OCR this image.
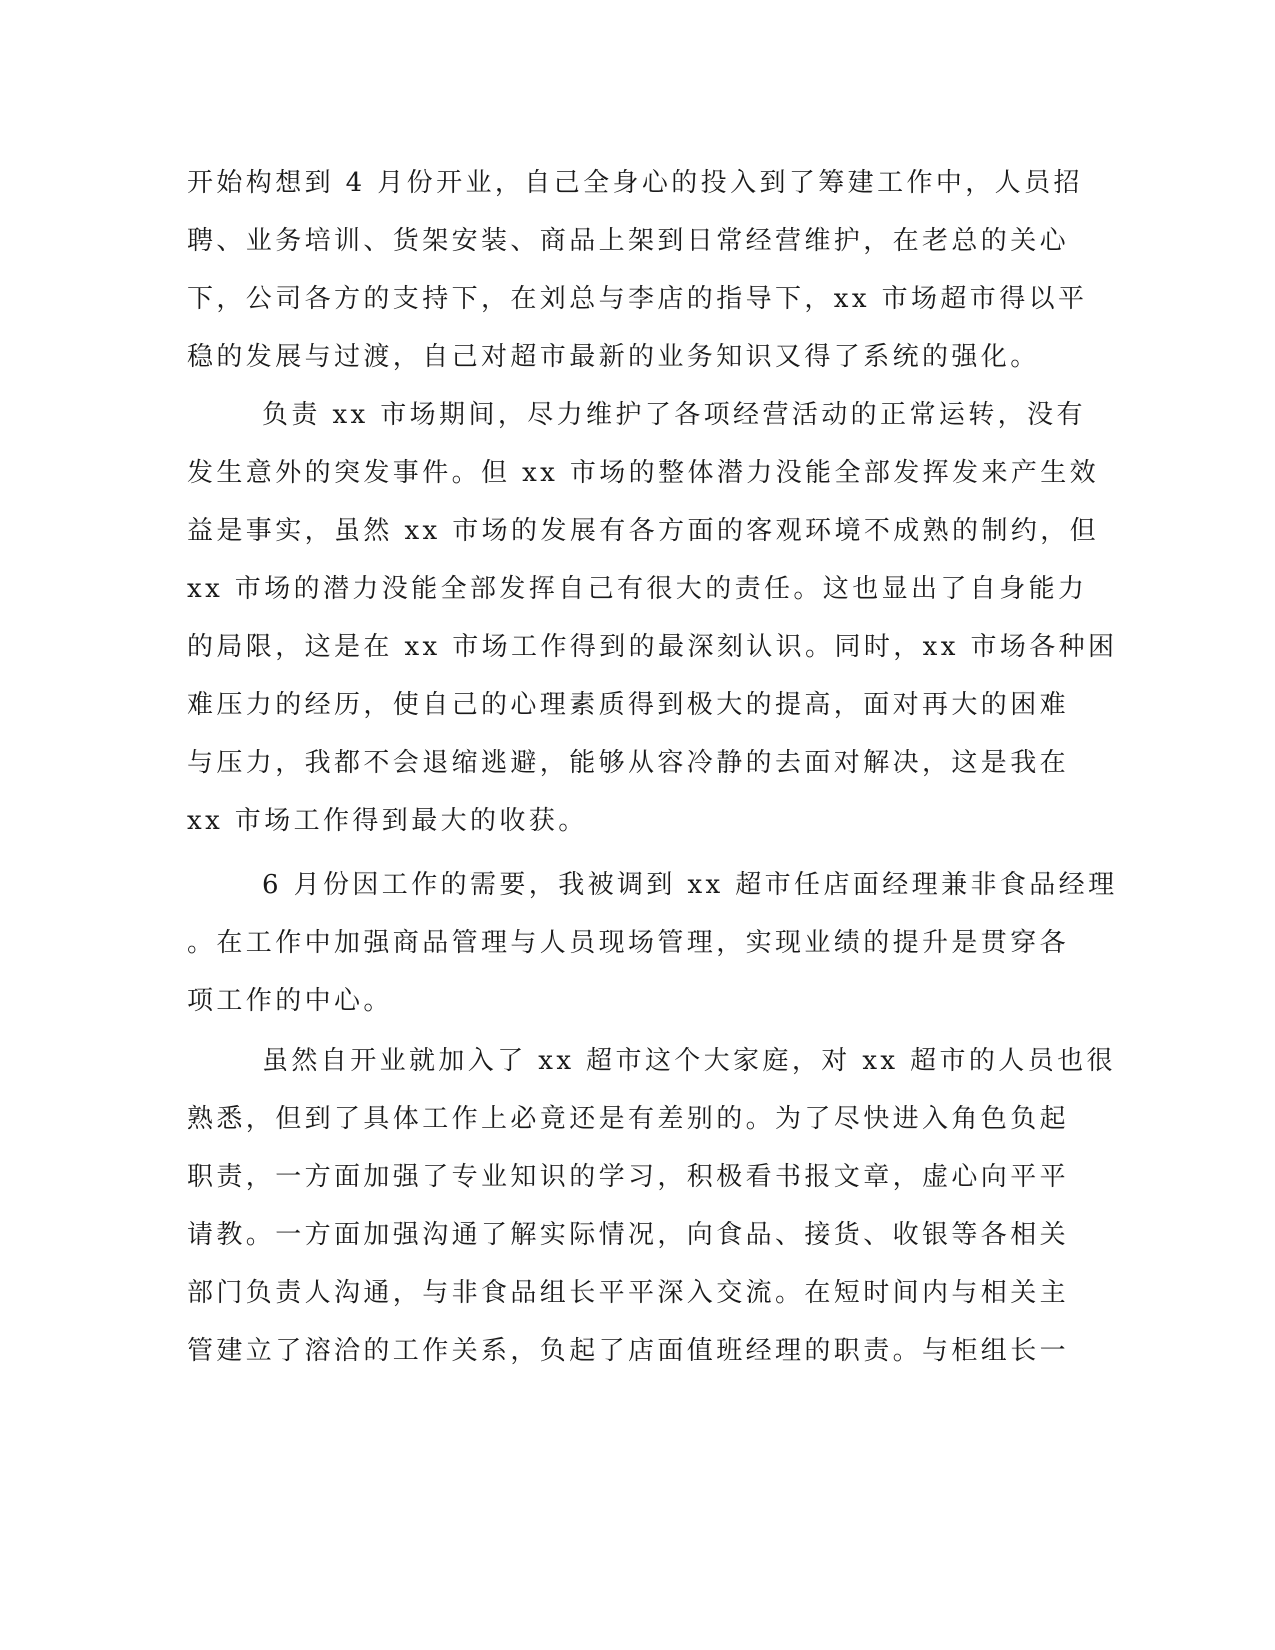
开始构想到 4 月份开业，自己全身心的投入到了筹建工作中，人员招
聘、业务培训、货架安装、商品上架到日常经营维护，在老总的关心
下，公司各方的支持下，在刘总与李店的指导下，xx 市场超市得以平
稳的发展与过渡，自己对超市最新的业务知识又得了系统的强化。
负责 xx 市场期间，尽力维护了各项经营活动的正常运转，没有
发生意外的突发事件。但 xx 市场的整体潜力没能全部发挥发来产生效
益是事实，虽然 xx 市场的发展有各方面的客观环境不成熟的制约，但
xx 市场的潜力没能全部发挥自己有很大的责任。这也显出了自身能力
的局限，这是在 xx 市场工作得到的最深刻认识。同时，xx 市场各种困
难压力的经历，使自己的心理素质得到极大的提高，面对再大的困难
与压力，我都不会退缩逃避，能够从容冷静的去面对解决，这是我在
xx 市场工作得到最大的收获。
6 月份因工作的需要，我被调到 xx 超市任店面经理兼非食品经理
。在工作中加强商品管理与人员现场管理，实现业绩的提升是贯穿各
项工作的中心。
虽然自开业就加入了 xx 超市这个大家庭，对 xx 超市的人员也很
熟悉，但到了具体工作上必竟还是有差别的。为了尽快进入角色负起
职责，一方面加强了专业知识的学习，积极看书报文章，虚心向平平
请教。一方面加强沟通了解实际情况，向食品、接货、收银等各相关
部门负责人沟通，与非食品组长平平深入交流。在短时间内与相关主
管建立了溶洽的工作关系，负起了店面值班经理的职责。与柜组长一
